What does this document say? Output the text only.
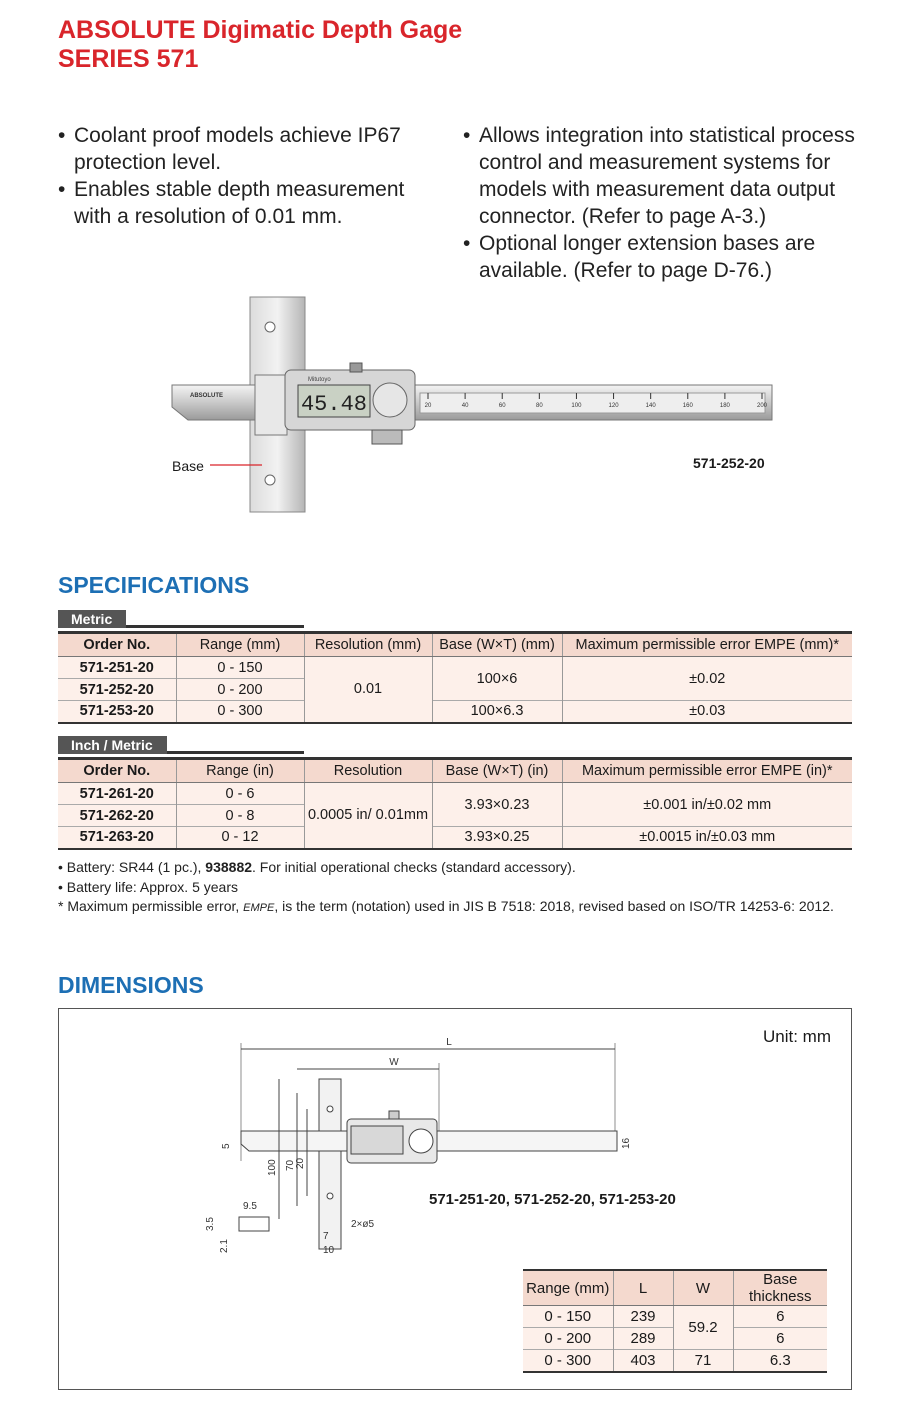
ABSOLUTE Digimatic Depth Gage
SERIES 571
• Coolant proof models achieve IP67 protection level.
• Enables stable depth measurement with a resolution of 0.01 mm.
• Allows integration into statistical process control and measurement systems for models with measurement data output connector. (Refer to page A-3.)
• Optional longer extension bases are available. (Refer to page D-76.)
20	40	60	80	100	120	140	160	180	200
45.48
Mitutoyo
ABSOLUTE
Base	571-252-20
SPECIFICATIONS
Metric
Order No.	Range (mm)	Resolution (mm)	Base (W×T) (mm)	Maximum permissible error EMPE (mm)*
571-251-20	0 - 150	0.01	100×6	±0.02
571-252-20	0 - 200			
571-253-20	0 - 300		100×6.3	±0.03
Inch / Metric
Order No.	Range (in)	Resolution	Base (W×T) (in)	Maximum permissible error EMPE (in)*
571-261-20	0 - 6	0.0005 in/ 0.01mm	3.93×0.23	±0.001 in/±0.02 mm
571-262-20	0 - 8			
571-263-20	0 - 12		3.93×0.25	±0.0015 in/±0.03 mm
• Battery: SR44 (1 pc.), 938882. For initial operational checks (standard accessory).
• Battery life: Approx. 5 years
* Maximum permissible error, EMPE, is the term (notation) used in JIS B 7518: 2018, revised based on ISO/TR 14253-6: 2012.
DIMENSIONS
Unit: mm
L
W
100 70 20
5	16
7
10
2×ø5
9.5
3.5
2.1
571-251-20, 571-252-20, 571-253-20
Range (mm)	L	W	Base thickness
0 - 150	239	59.2	6
0 - 200	289		6
0 - 300	403	71	6.3
